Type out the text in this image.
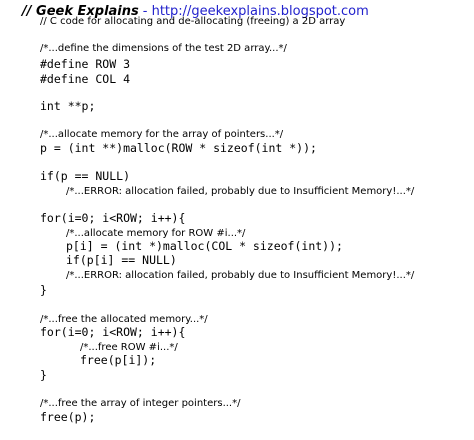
// Geek Explains - http://geekexplains.blogspot.com
// C code for allocating and de-allocating (freeing) a 2D array
/*...define the dimensions of the test 2D array...*/
#define ROW 3
#define COL 4
int **p;
/*...allocate memory for the array of pointers...*/
p = (int **)malloc(ROW * sizeof(int *));
if(p == NULL)
/*...ERROR: allocation failed, probably due to Insufficient Memory!...*/
for(i=0; i<ROW; i++){
/*...allocate memory for ROW #i...*/
p[i] = (int *)malloc(COL * sizeof(int));
if(p[i] == NULL)
/*...ERROR: allocation failed, probably due to Insufficient Memory!...*/
}
/*...free the allocated memory...*/
for(i=0; i<ROW; i++){
/*...free ROW #i...*/
free(p[i]);
}
/*...free the array of integer pointers...*/
free(p);
